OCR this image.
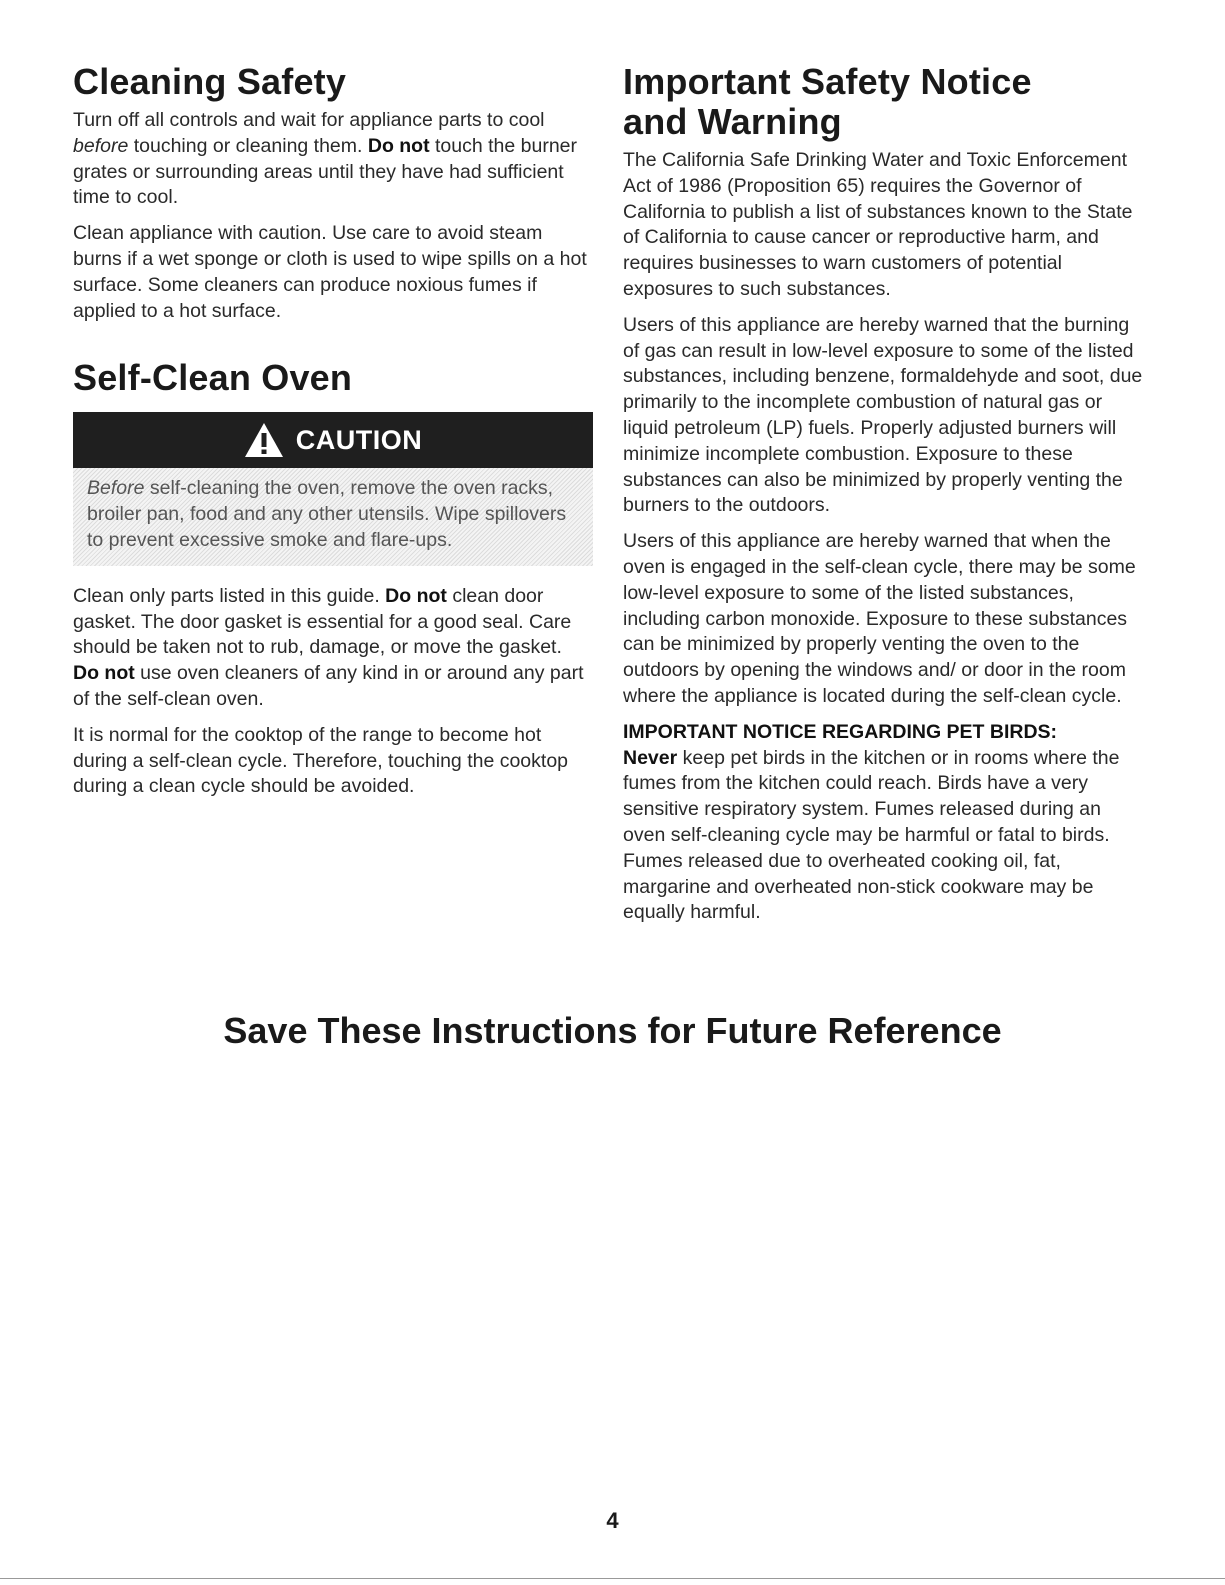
Cleaning Safety

Turn off all controls and wait for appliance parts to cool before touching or cleaning them. Do not touch the burner grates or surrounding areas until they have had sufficient time to cool.

Clean appliance with caution. Use care to avoid steam burns if a wet sponge or cloth is used to wipe spills on a hot surface. Some cleaners can produce noxious fumes if applied to a hot surface.

Self-Clean Oven
CAUTION
Before self-cleaning the oven, remove the oven racks, broiler pan, food and any other utensils. Wipe spillovers to prevent excessive smoke and flare-ups.

Clean only parts listed in this guide. Do not clean door gasket. The door gasket is essential for a good seal. Care should be taken not to rub, damage, or move the gasket. Do not use oven cleaners of any kind in or around any part of the self-clean oven.

It is normal for the cooktop of the range to become hot during a self-clean cycle. Therefore, touching the cooktop during a clean cycle should be avoided.

Important Safety Notice
and Warning

The California Safe Drinking Water and Toxic Enforcement Act of 1986 (Proposition 65) requires the Governor of California to publish a list of substances known to the State of California to cause cancer or reproductive harm, and requires businesses to warn customers of potential exposures to such substances.

Users of this appliance are hereby warned that the burning of gas can result in low-level exposure to some of the listed substances, including benzene, formaldehyde and soot, due primarily to the incomplete combustion of natural gas or liquid petroleum (LP) fuels. Properly adjusted burners will minimize incomplete combustion. Exposure to these substances can also be minimized by properly venting the burners to the outdoors.

Users of this appliance are hereby warned that when the oven is engaged in the self-clean cycle, there may be some low-level exposure to some of the listed substances, including carbon monoxide. Exposure to these substances can be minimized by properly venting the oven to the outdoors by opening the windows and/ or door in the room where the appliance is located during the self-clean cycle.

IMPORTANT NOTICE REGARDING PET BIRDS:

Never keep pet birds in the kitchen or in rooms where the fumes from the kitchen could reach. Birds have a very sensitive respiratory system. Fumes released during an oven self-cleaning cycle may be harmful or fatal to birds. Fumes released due to overheated cooking oil, fat, margarine and overheated non-stick cookware may be equally harmful.

Save These Instructions for Future Reference
4
